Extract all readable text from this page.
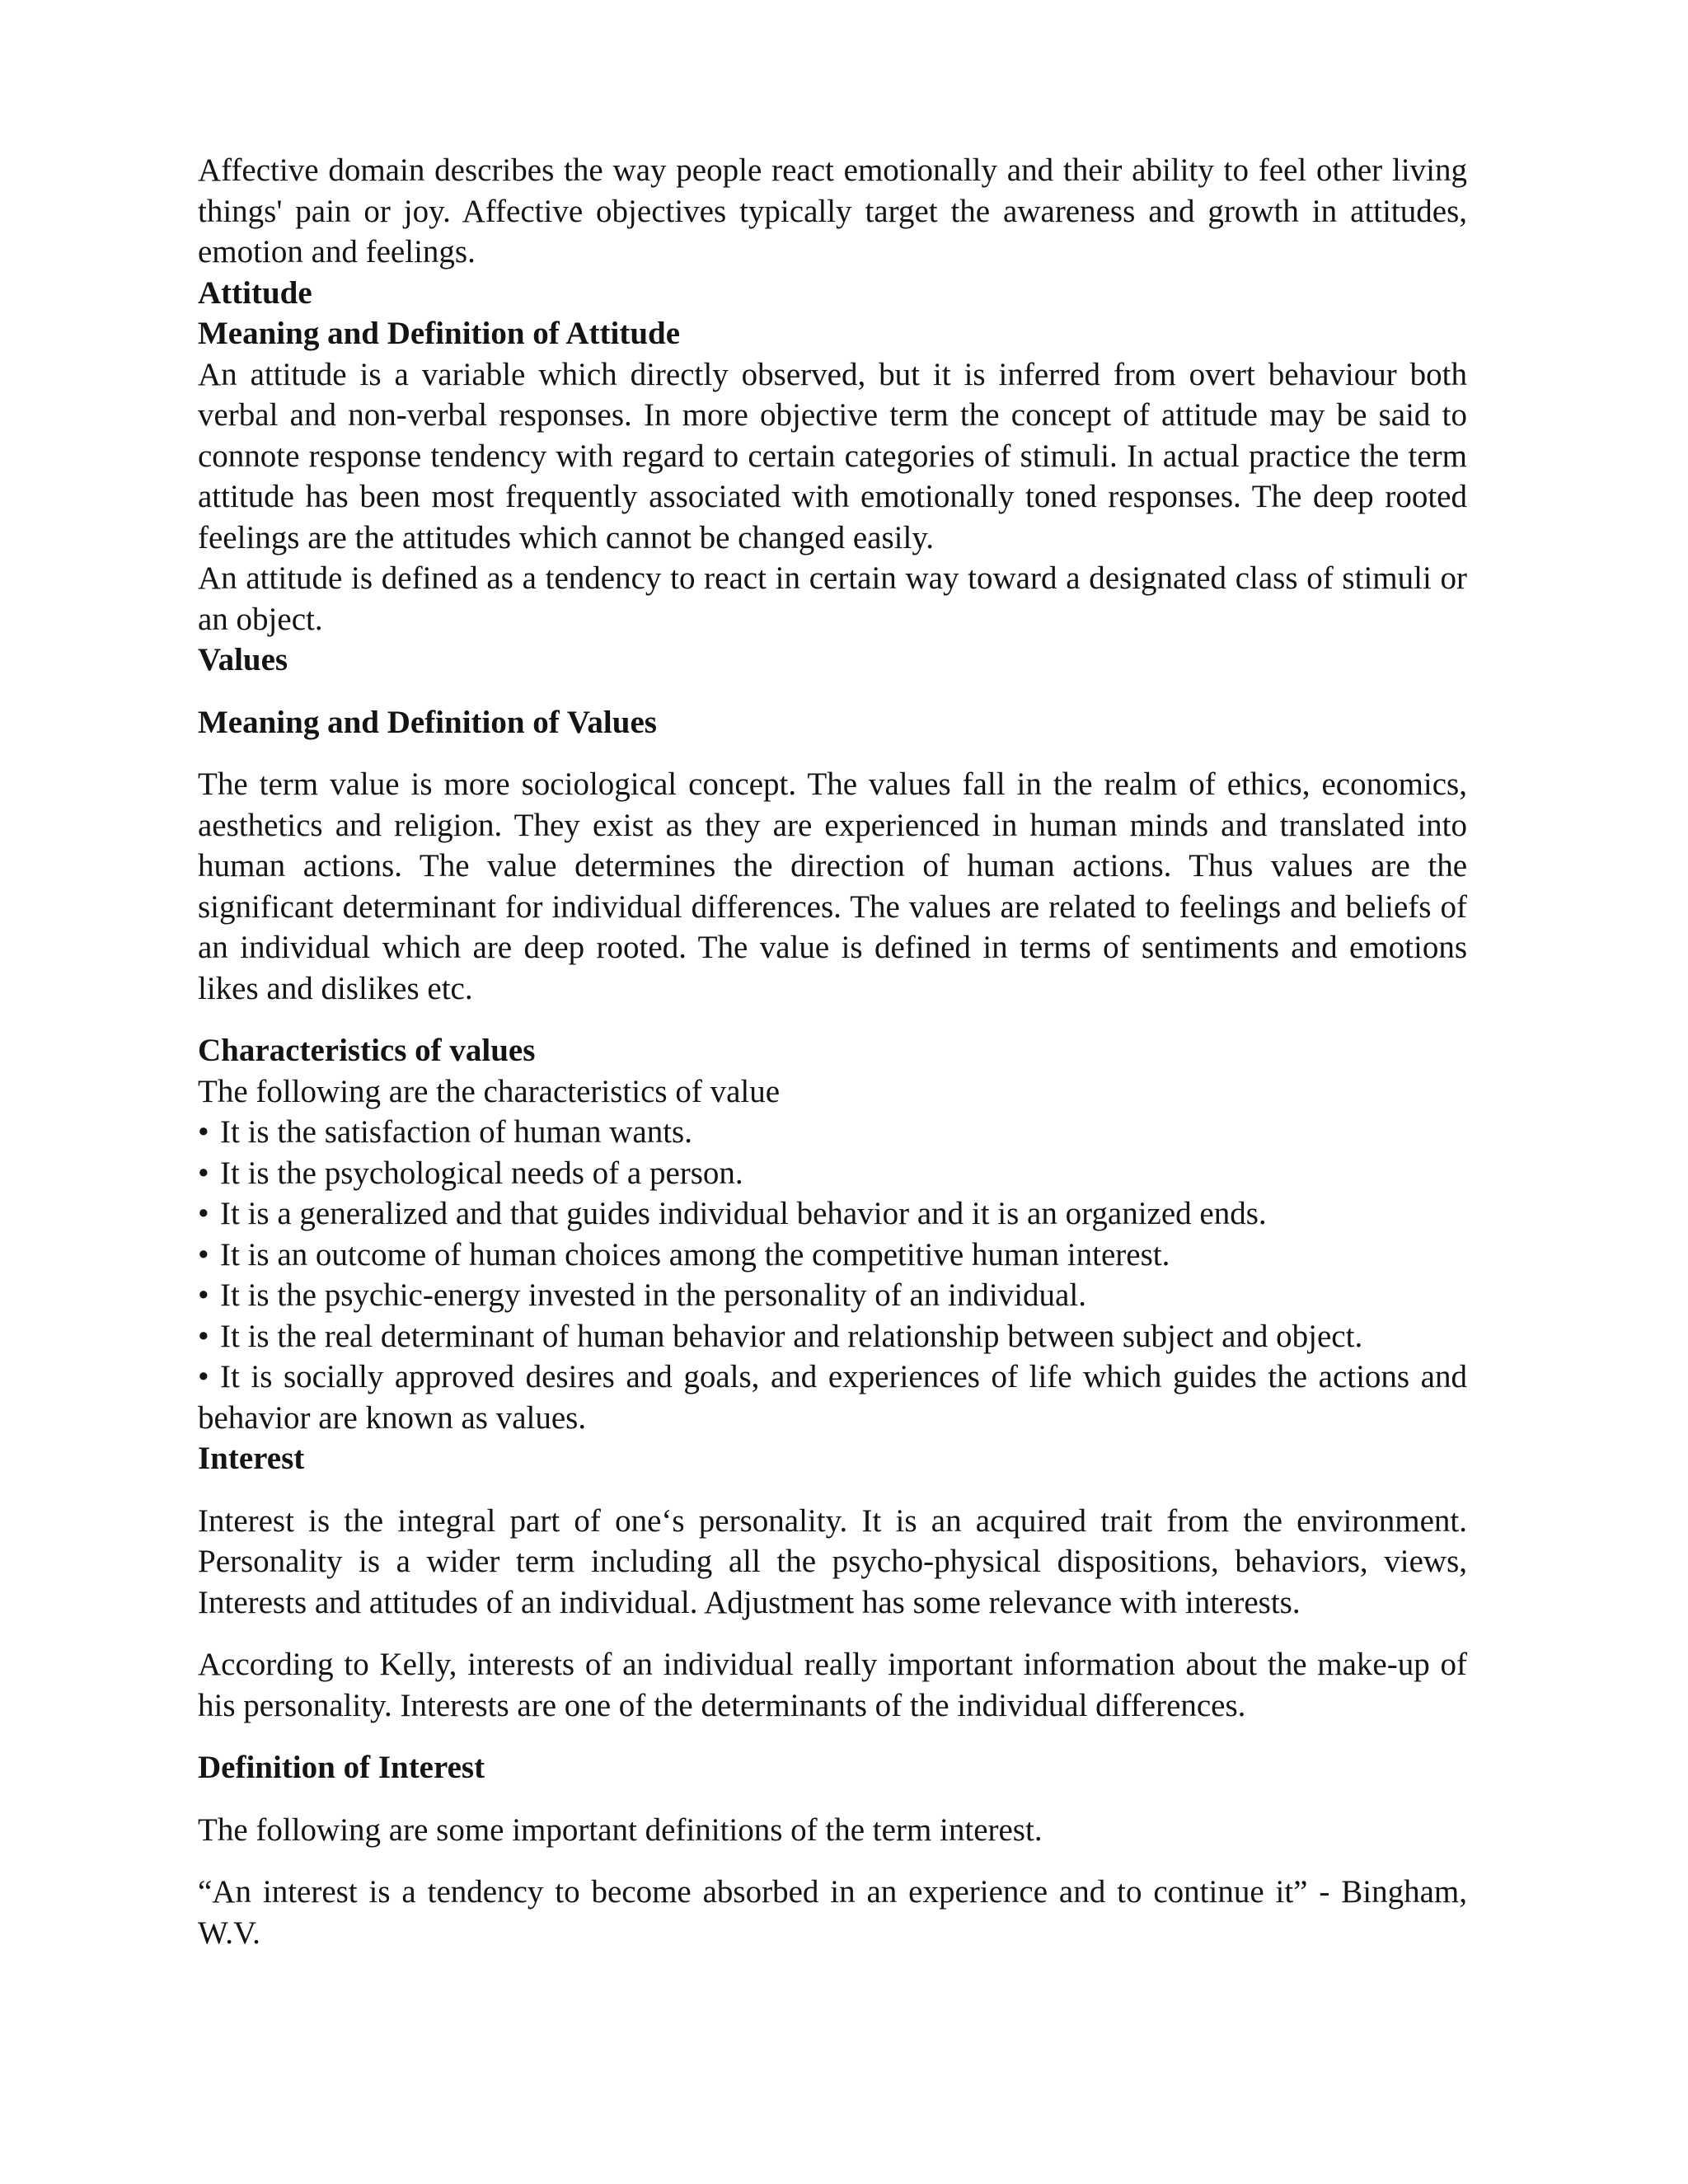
Affective domain describes the way people react emotionally and their ability to feel other living things' pain or joy. Affective objectives typically target the awareness and growth in attitudes, emotion and feelings.

Attitude
Meaning and Definition of Attitude

An attitude is a variable which directly observed, but it is inferred from overt behaviour both verbal and non-verbal responses. In more objective term the concept of attitude may be said to connote response tendency with regard to certain categories of stimuli. In actual practice the term attitude has been most frequently associated with emotionally toned responses. The deep rooted feelings are the attitudes which cannot be changed easily.

An attitude is defined as a tendency to react in certain way toward a designated class of stimuli or an object.

Values
Meaning and Definition of Values

The term value is more sociological concept. The values fall in the realm of ethics, economics, aesthetics and religion. They exist as they are experienced in human minds and translated into human actions. The value determines the direction of human actions. Thus values are the significant determinant for individual differences. The values are related to feelings and beliefs of an individual which are deep rooted. The value is defined in terms of sentiments and emotions likes and dislikes etc.

Characteristics of values

The following are the characteristics of value

• It is the satisfaction of human wants.
• It is the psychological needs of a person.
• It is a generalized and that guides individual behavior and it is an organized ends.
• It is an outcome of human choices among the competitive human interest.
• It is the psychic-energy invested in the personality of an individual.
• It is the real determinant of human behavior and relationship between subject and object.
• It is socially approved desires and goals, and experiences of life which guides the actions and behavior are known as values.
Interest

Interest is the integral part of one‘s personality. It is an acquired trait from the environment. Personality is a wider term including all the psycho-physical dispositions, behaviors, views, Interests and attitudes of an individual. Adjustment has some relevance with interests.

According to Kelly, interests of an individual really important information about the make-up of his personality. Interests are one of the determinants of the individual differences.

Definition of Interest

The following are some important definitions of the term interest.

“An interest is a tendency to become absorbed in an experience and to continue it” - Bingham, W.V.
